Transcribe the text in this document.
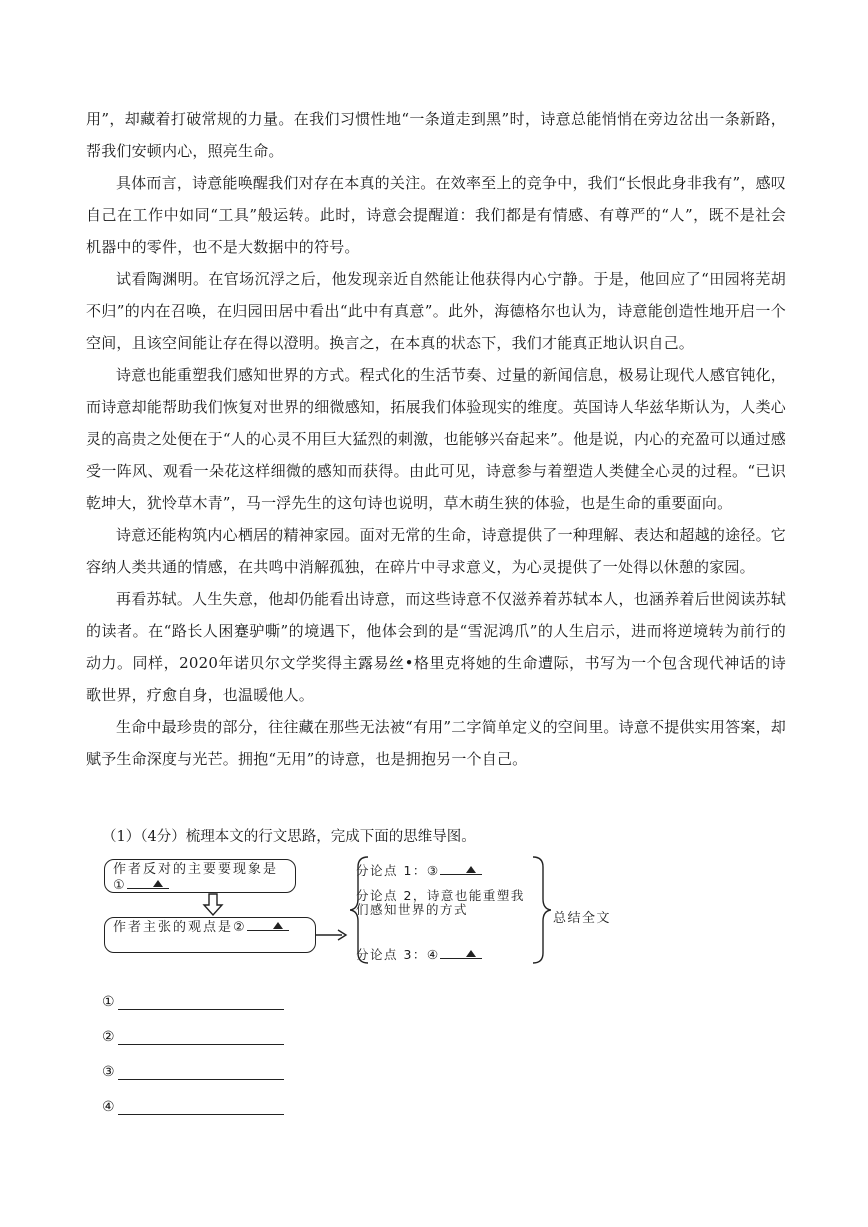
用”，却藏着打破常规的力量。在我们习惯性地“一条道走到黑”时，诗意总能悄悄在旁边岔出一条新路，帮我们安顿内心，照亮生命。

具体而言，诗意能唤醒我们对存在本真的关注。在效率至上的竞争中，我们“长恨此身非我有”，感叹自己在工作中如同“工具”般运转。此时，诗意会提醒道：我们都是有情感、有尊严的“人”，既不是社会机器中的零件，也不是大数据中的符号。

试看陶渊明。在官场沉浮之后，他发现亲近自然能让他获得内心宁静。于是，他回应了“田园将芜胡不归”的内在召唤，在归园田居中看出“此中有真意”。此外，海德格尔也认为，诗意能创造性地开启一个空间，且该空间能让存在得以澄明。换言之，在本真的状态下，我们才能真正地认识自己。

诗意也能重塑我们感知世界的方式。程式化的生活节奏、过量的新闻信息，极易让现代人感官钝化，而诗意却能帮助我们恢复对世界的细微感知，拓展我们体验现实的维度。英国诗人华兹华斯认为，人类心灵的高贵之处便在于“人的心灵不用巨大猛烈的刺激，也能够兴奋起来”。他是说，内心的充盈可以通过感受一阵风、观看一朵花这样细微的感知而获得。由此可见，诗意参与着塑造人类健全心灵的过程。“已识乾坤大，犹怜草木青”，马一浮先生的这句诗也说明，草木萌生狭的体验，也是生命的重要面向。

诗意还能构筑内心栖居的精神家园。面对无常的生命，诗意提供了一种理解、表达和超越的途径。它容纳人类共通的情感，在共鸣中消解孤独，在碎片中寻求意义，为心灵提供了一处得以休憩的家园。

再看苏轼。人生失意，他却仍能看出诗意，而这些诗意不仅滋养着苏轼本人，也涵养着后世阅读苏轼的读者。在“路长人困蹇驴嘶”的境遇下，他体会到的是“雪泥鸿爪”的人生启示，进而将逆境转为前行的动力。同样，2020年诺贝尔文学奖得主露易丝•格里克将她的生命遭际，书写为一个包含现代神话的诗歌世界，疗愈自身，也温暖他人。

生命中最珍贵的部分，往往藏在那些无法被“有用”二字简单定义的空间里。诗意不提供实用答案，却赋予生命深度与光芒。拥抱“无用”的诗意，也是拥抱另一个自己。

（1）（4分）梳理本文的行文思路，完成下面的思维导图。

作者反对的主要要现象是①
作者主张的观点是②
分论点 1：③
分论点 2，诗意也能重塑我们感知世界的方式
分论点 3：④
总结全文
①
②
③
④
